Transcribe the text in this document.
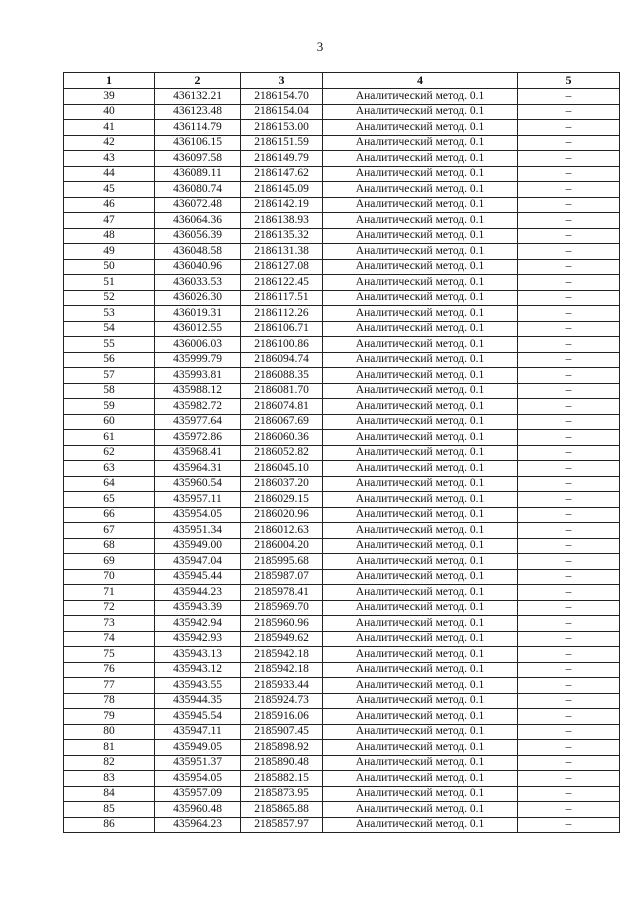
3
1	2	3	4	5
39	436132.21	2186154.70	Аналитический метод. 0.1	–
40	436123.48	2186154.04	Аналитический метод. 0.1	–
41	436114.79	2186153.00	Аналитический метод. 0.1	–
42	436106.15	2186151.59	Аналитический метод. 0.1	–
43	436097.58	2186149.79	Аналитический метод. 0.1	–
44	436089.11	2186147.62	Аналитический метод. 0.1	–
45	436080.74	2186145.09	Аналитический метод. 0.1	–
46	436072.48	2186142.19	Аналитический метод. 0.1	–
47	436064.36	2186138.93	Аналитический метод. 0.1	–
48	436056.39	2186135.32	Аналитический метод. 0.1	–
49	436048.58	2186131.38	Аналитический метод. 0.1	–
50	436040.96	2186127.08	Аналитический метод. 0.1	–
51	436033.53	2186122.45	Аналитический метод. 0.1	–
52	436026.30	2186117.51	Аналитический метод. 0.1	–
53	436019.31	2186112.26	Аналитический метод. 0.1	–
54	436012.55	2186106.71	Аналитический метод. 0.1	–
55	436006.03	2186100.86	Аналитический метод. 0.1	–
56	435999.79	2186094.74	Аналитический метод. 0.1	–
57	435993.81	2186088.35	Аналитический метод. 0.1	–
58	435988.12	2186081.70	Аналитический метод. 0.1	–
59	435982.72	2186074.81	Аналитический метод. 0.1	–
60	435977.64	2186067.69	Аналитический метод. 0.1	–
61	435972.86	2186060.36	Аналитический метод. 0.1	–
62	435968.41	2186052.82	Аналитический метод. 0.1	–
63	435964.31	2186045.10	Аналитический метод. 0.1	–
64	435960.54	2186037.20	Аналитический метод. 0.1	–
65	435957.11	2186029.15	Аналитический метод. 0.1	–
66	435954.05	2186020.96	Аналитический метод. 0.1	–
67	435951.34	2186012.63	Аналитический метод. 0.1	–
68	435949.00	2186004.20	Аналитический метод. 0.1	–
69	435947.04	2185995.68	Аналитический метод. 0.1	–
70	435945.44	2185987.07	Аналитический метод. 0.1	–
71	435944.23	2185978.41	Аналитический метод. 0.1	–
72	435943.39	2185969.70	Аналитический метод. 0.1	–
73	435942.94	2185960.96	Аналитический метод. 0.1	–
74	435942.93	2185949.62	Аналитический метод. 0.1	–
75	435943.13	2185942.18	Аналитический метод. 0.1	–
76	435943.12	2185942.18	Аналитический метод. 0.1	–
77	435943.55	2185933.44	Аналитический метод. 0.1	–
78	435944.35	2185924.73	Аналитический метод. 0.1	–
79	435945.54	2185916.06	Аналитический метод. 0.1	–
80	435947.11	2185907.45	Аналитический метод. 0.1	–
81	435949.05	2185898.92	Аналитический метод. 0.1	–
82	435951.37	2185890.48	Аналитический метод. 0.1	–
83	435954.05	2185882.15	Аналитический метод. 0.1	–
84	435957.09	2185873.95	Аналитический метод. 0.1	–
85	435960.48	2185865.88	Аналитический метод. 0.1	–
86	435964.23	2185857.97	Аналитический метод. 0.1	–
